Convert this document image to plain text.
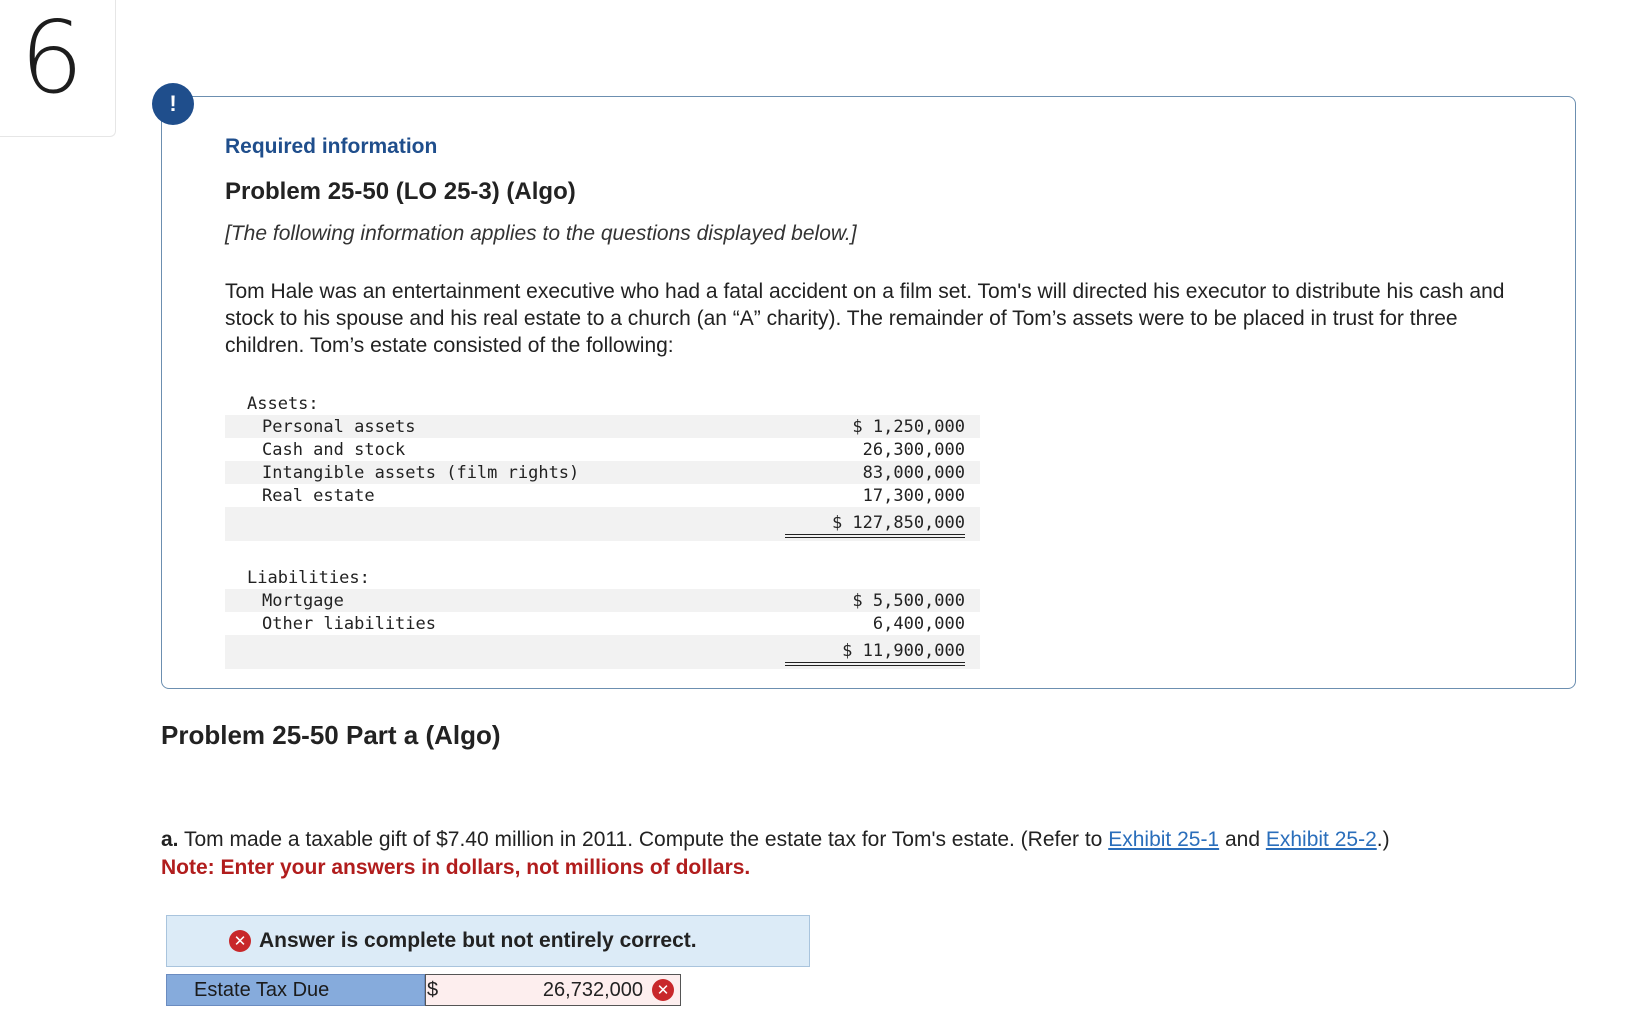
6	!

Required information

Problem 25-50 (LO 25-3) (Algo)

[The following information applies to the questions displayed below.]

Tom Hale was an entertainment executive who had a fatal accident on a film set. Tom's will directed his executor to distribute his cash and stock to his spouse and his real estate to a church (an “A” charity). The remainder of Tom’s assets were to be placed in trust for three children. Tom’s estate consisted of the following:

Assets:
Personal assets	$ 1,250,000
Cash and stock	26,300,000
Intangible assets (film rights)	83,000,000
Real estate	17,300,000
$ 127,850,000
Liabilities:
Mortgage	$ 5,500,000
Other liabilities	6,400,000
$ 11,900,000

Problem 25-50 Part a (Algo)

a. Tom made a taxable gift of $7.40 million in 2011. Compute the estate tax for Tom's estate. (Refer to Exhibit 25-1 and Exhibit 25-2.)
Note: Enter your answers in dollars, not millions of dollars.

✕ Answer is complete but not entirely correct.
Estate Tax Due	$	26,732,000 ✕
